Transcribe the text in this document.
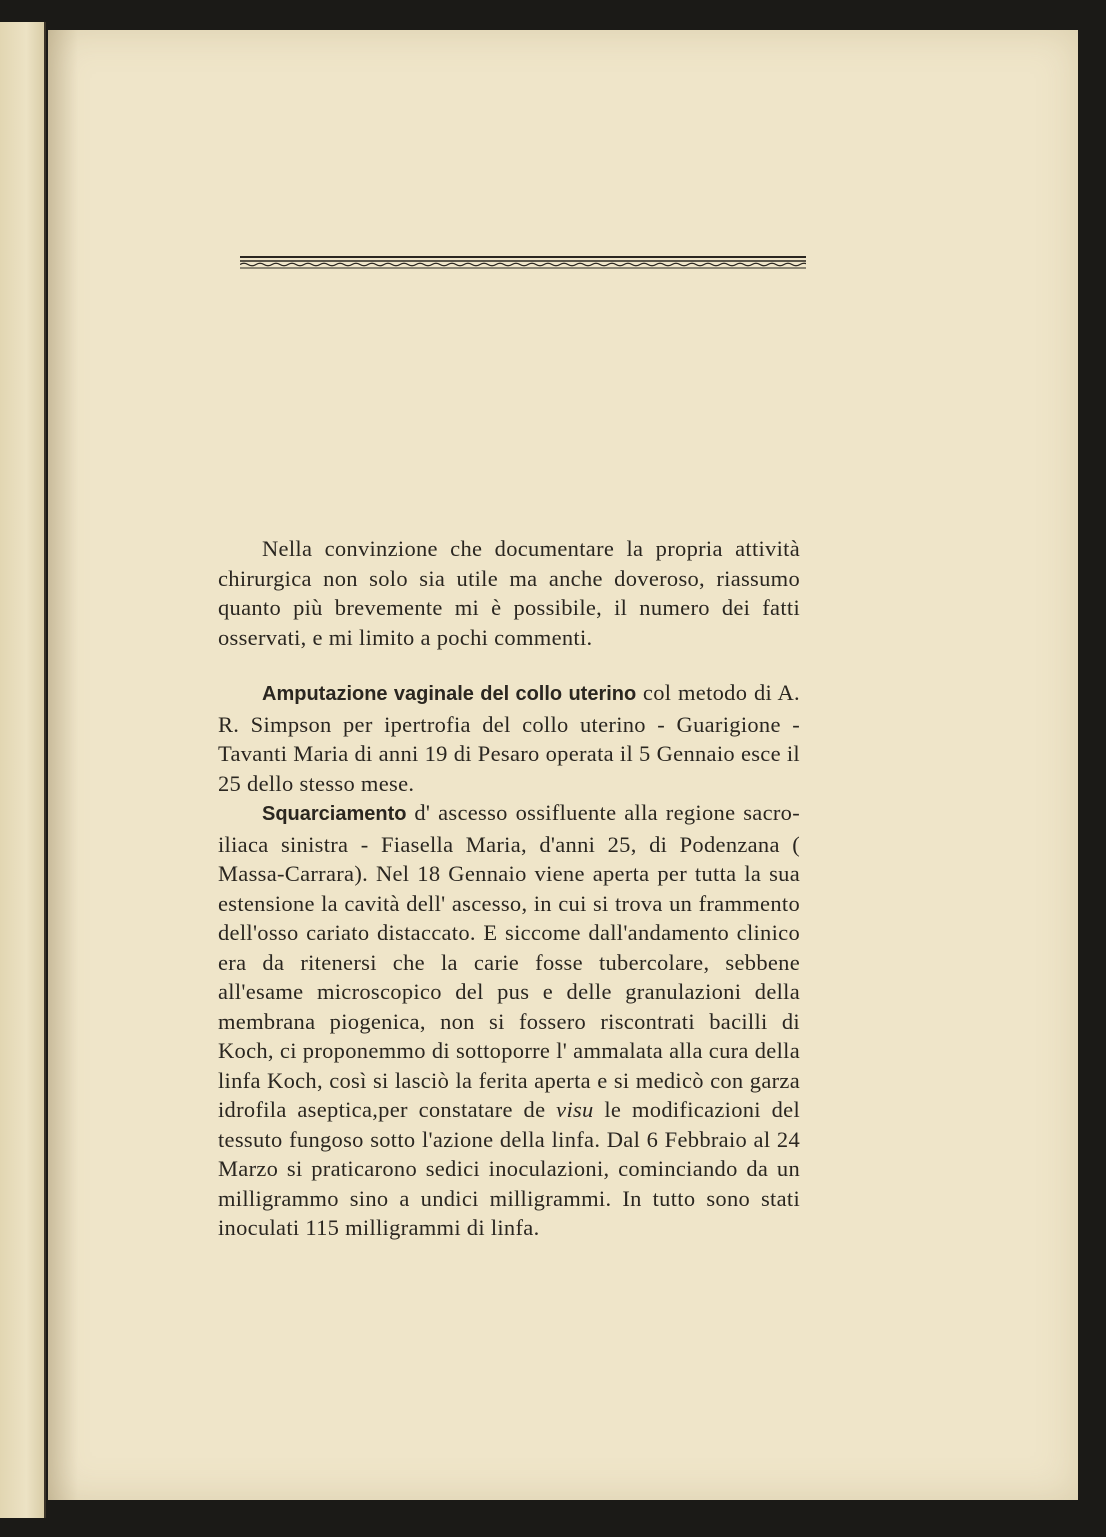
Nella convinzione che documentare la propria attività chirurgica non solo sia utile ma anche doveroso, riassumo quanto più brevemente mi è possibile, il numero dei fatti osservati, e mi limito a pochi commenti.

Amputazione vaginale del collo uterino col metodo di A. R. Simpson per ipertrofia del collo uterino - Guarigione - Tavanti Maria di anni 19 di Pesaro operata il 5 Gennaio esce il 25 dello stesso mese.

Squarciamento d' ascesso ossifluente alla regione sacro-iliaca sinistra - Fiasella Maria, d'anni 25, di Podenzana ( Massa-Carrara). Nel 18 Gennaio viene aperta per tutta la sua estensione la cavità dell' ascesso, in cui si trova un frammento dell'osso cariato distaccato. E siccome dall'andamento clinico era da ritenersi che la carie fosse tubercolare, sebbene all'esame microscopico del pus e delle granulazioni della membrana piogenica, non si fossero riscontrati bacilli di Koch, ci proponemmo di sottoporre l' ammalata alla cura della linfa Koch, così si lasciò la ferita aperta e si medicò con garza idrofila aseptica,per constatare de visu le modificazioni del tessuto fungoso sotto l'azione della linfa. Dal 6 Febbraio al 24 Marzo si praticarono sedici inoculazioni, cominciando da un milligrammo sino a undici milligrammi. In tutto sono stati inoculati 115 milligrammi di linfa.
